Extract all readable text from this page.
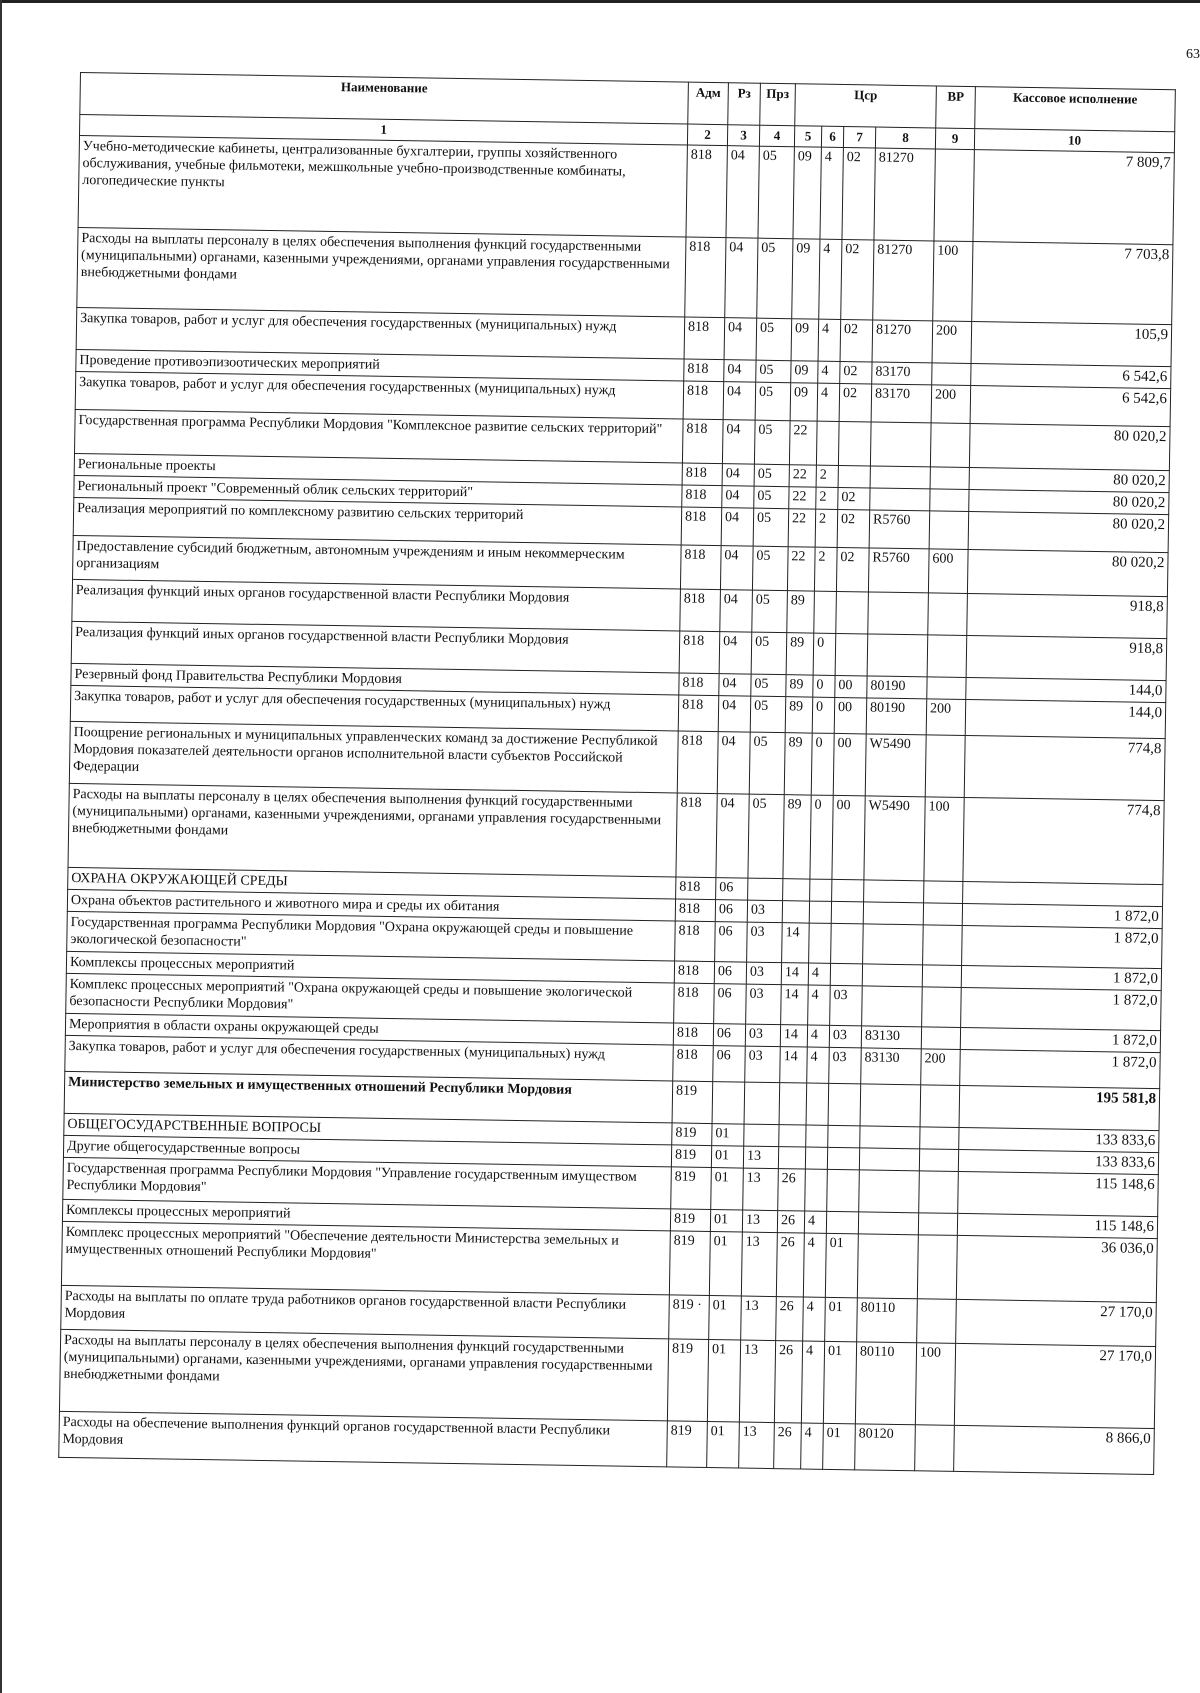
63
Наименование	Адм	Рз	Прз	Цср				ВР	Кассовое исполнение
1	2	3	4	5	6	7	8	9	10
Учебно-методические кабинеты, централизованные бухгалтерии, группы хозяйственного обслуживания, учебные фильмотеки, межшкольные учебно-производственные комбинаты, логопедические пункты	818	04	05	09	4	02	81270		7 809,7
Расходы на выплаты персоналу в целях обеспечения выполнения функций государственными (муниципальными) органами, казенными учреждениями, органами управления государственными внебюджетными фондами	818	04	05	09	4	02	81270	100	7 703,8
Закупка товаров, работ и услуг для обеспечения государственных (муниципальных) нужд	818	04	05	09	4	02	81270	200	105,9
Проведение противоэпизоотических мероприятий	818	04	05	09	4	02	83170		6 542,6
Закупка товаров, работ и услуг для обеспечения государственных (муниципальных) нужд	818	04	05	09	4	02	83170	200	6 542,6
Государственная программа Республики Мордовия "Комплексное развитие сельских территорий"	818	04	05	22					80 020,2
Региональные проекты	818	04	05	22	2				80 020,2
Региональный проект "Современный облик сельских территорий"	818	04	05	22	2	02			80 020,2
Реализация мероприятий по комплексному развитию сельских территорий	818	04	05	22	2	02	R5760		80 020,2
Предоставление субсидий бюджетным, автономным учреждениям и иным некоммерческим организациям	818	04	05	22	2	02	R5760	600	80 020,2
Реализация функций иных органов государственной власти Республики Мордовия	818	04	05	89					918,8
Реализация функций иных органов государственной власти Республики Мордовия	818	04	05	89	0				918,8
Резервный фонд Правительства Республики Мордовия	818	04	05	89	0	00	80190		144,0
Закупка товаров, работ и услуг для обеспечения государственных (муниципальных) нужд	818	04	05	89	0	00	80190	200	144,0
Поощрение региональных и муниципальных управленческих команд за достижение Республикой Мордовия показателей деятельности органов исполнительной власти субъектов Российской Федерации	818	04	05	89	0	00	W5490		774,8
Расходы на выплаты персоналу в целях обеспечения выполнения функций государственными (муниципальными) органами, казенными учреждениями, органами управления государственными внебюджетными фондами	818	04	05	89	0	00	W5490	100	774,8
ОХРАНА ОКРУЖАЮЩЕЙ СРЕДЫ	818	06							
Охрана объектов растительного и животного мира и среды их обитания	818	06	03						1 872,0
Государственная программа Республики Мордовия "Охрана окружающей среды и повышение экологической безопасности"	818	06	03	14					1 872,0
Комплексы процессных мероприятий	818	06	03	14	4				1 872,0
Комплекс процессных мероприятий "Охрана окружающей среды и повышение экологической безопасности Республики Мордовия"	818	06	03	14	4	03			1 872,0
Мероприятия в области охраны окружающей среды	818	06	03	14	4	03	83130		1 872,0
Закупка товаров, работ и услуг для обеспечения государственных (муниципальных) нужд	818	06	03	14	4	03	83130	200	1 872,0
Министерство земельных и имущественных отношений Республики Мордовия	819								195 581,8
ОБЩЕГОСУДАРСТВЕННЫЕ ВОПРОСЫ	819	01							133 833,6
Другие общегосударственные вопросы	819	01	13						133 833,6
Государственная программа Республики Мордовия "Управление государственным имуществом Республики Мордовия"	819	01	13	26					115 148,6
Комплексы процессных мероприятий	819	01	13	26	4				115 148,6
Комплекс процессных мероприятий "Обеспечение деятельности Министерства земельных и имущественных отношений Республики Мордовия"	819	01	13	26	4	01			36 036,0
Расходы на выплаты по оплате труда работников органов государственной власти Республики Мордовия	819 ·	01	13	26	4	01	80110		27 170,0
Расходы на выплаты персоналу в целях обеспечения выполнения функций государственными (муниципальными) органами, казенными учреждениями, органами управления государственными внебюджетными фондами	819	01	13	26	4	01	80110	100	27 170,0
Расходы на обеспечение выполнения функций органов государственной власти Республики Мордовия	819	01	13	26	4	01	80120		8 866,0
